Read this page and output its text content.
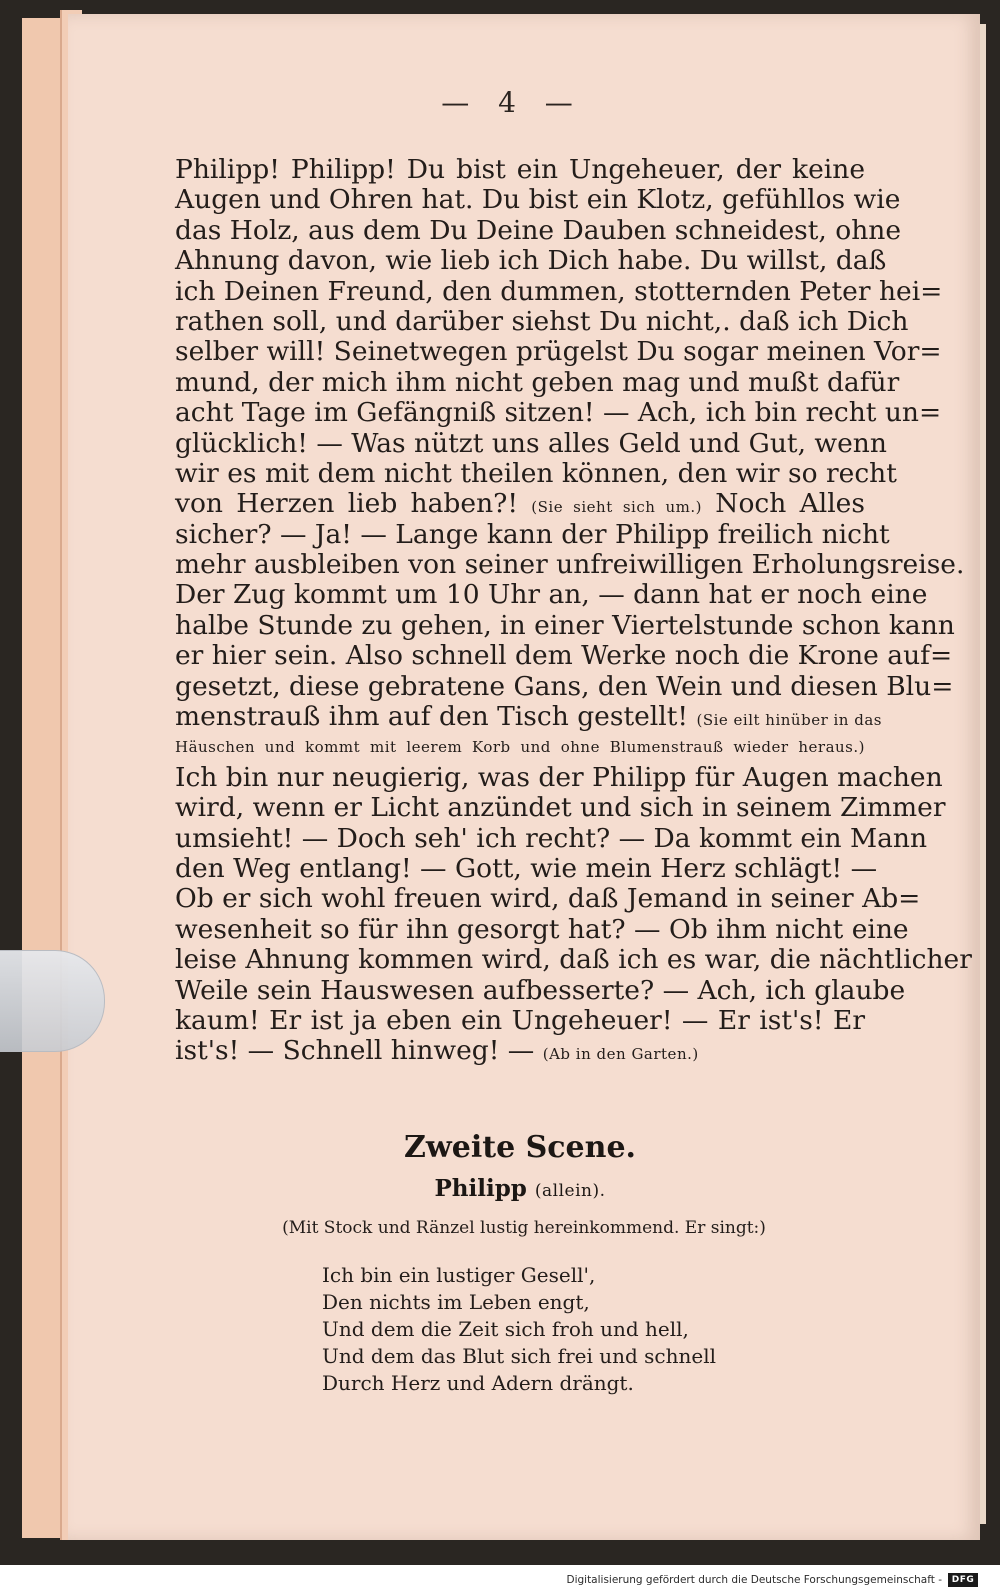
— 4 —
Philipp! Philipp! Du bist ein Ungeheuer, der keine
Augen und Ohren hat. Du bist ein Klotz, gefühllos wie
das Holz, aus dem Du Deine Dauben schneidest, ohne
Ahnung davon, wie lieb ich Dich habe. Du willst, daß
ich Deinen Freund, den dummen, stotternden Peter hei=
rathen soll, und darüber siehst Du nicht,. daß ich Dich
selber will! Seinetwegen prügelst Du sogar meinen Vor=
mund, der mich ihm nicht geben mag und mußt dafür
acht Tage im Gefängniß sitzen! — Ach, ich bin recht un=
glücklich! — Was nützt uns alles Geld und Gut, wenn
wir es mit dem nicht theilen können, den wir so recht
von Herzen lieb haben?! (Sie sieht sich um.) Noch Alles
sicher? — Ja! — Lange kann der Philipp freilich nicht
mehr ausbleiben von seiner unfreiwilligen Erholungsreise.
Der Zug kommt um 10 Uhr an, — dann hat er noch eine
halbe Stunde zu gehen, in einer Viertelstunde schon kann
er hier sein. Also schnell dem Werke noch die Krone auf=
gesetzt, diese gebratene Gans, den Wein und diesen Blu=
menstrauß ihm auf den Tisch gestellt! (Sie eilt hinüber in das
Häuschen und kommt mit leerem Korb und ohne Blumenstrauß wieder heraus.)
Ich bin nur neugierig, was der Philipp für Augen machen
wird, wenn er Licht anzündet und sich in seinem Zimmer
umsieht! — Doch seh' ich recht? — Da kommt ein Mann
den Weg entlang! — Gott, wie mein Herz schlägt! —
Ob er sich wohl freuen wird, daß Jemand in seiner Ab=
wesenheit so für ihn gesorgt hat? — Ob ihm nicht eine
leise Ahnung kommen wird, daß ich es war, die nächtlicher
Weile sein Hauswesen aufbesserte? — Ach, ich glaube
kaum! Er ist ja eben ein Ungeheuer! — Er ist's! Er
ist's! — Schnell hinweg! — (Ab in den Garten.)
Zweite Scene.
Philipp (allein).
(Mit Stock und Ränzel lustig hereinkommend. Er singt:)
Ich bin ein lustiger Gesell',
Den nichts im Leben engt,
Und dem die Zeit sich froh und hell,
Und dem das Blut sich frei und schnell
Durch Herz und Adern drängt.
Digitalisierung gefördert durch die Deutsche Forschungsgemeinschaft -	DFG
